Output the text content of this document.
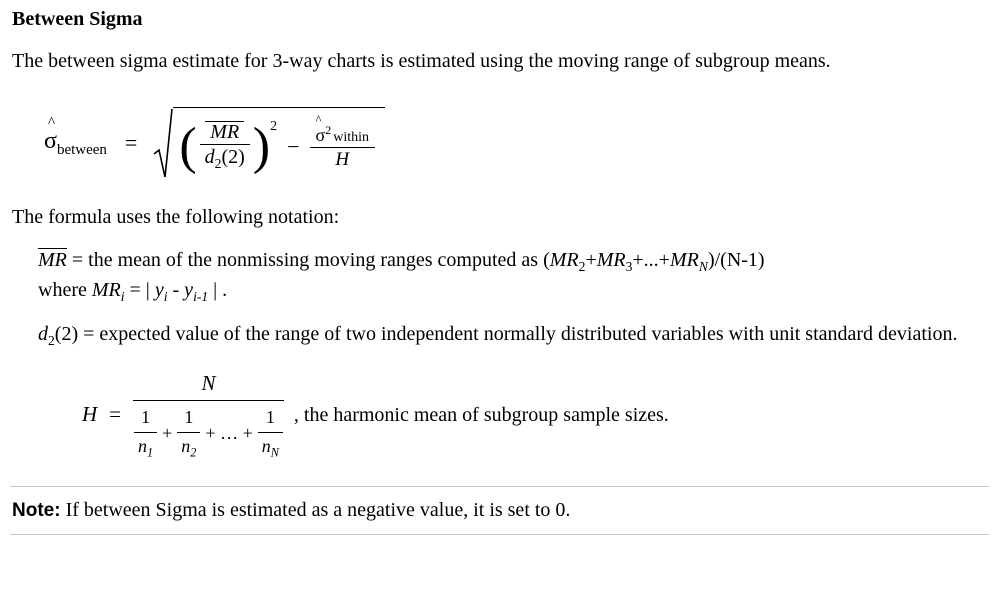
Between Sigma
The between sigma estimate for 3-way charts is estimated using the moving range of subgroup means.
^
$\sigma_{between}$ = ( $\frac{MR}{d_2(2)}$ ) 2
− ^
$\sigma^2$ within
H
The formula uses the following notation:
MR = the mean of the nonmissing moving ranges computed as $(MR_2+MR_3+...+MR_N)/(N-1)$
where $MR_i$ = | $y_i - y_{i-1}$ | .
$d_2(2)$ = expected value of the range of two independent normally distributed variables with unit standard deviation.
H =
N
$\frac{1}{n_1} + \frac{1}{n_2}$ + … + $\frac{1}{n_N}$ , the harmonic mean of subgroup sample sizes.
Note: If between Sigma is estimated as a negative value, it is set to 0.
